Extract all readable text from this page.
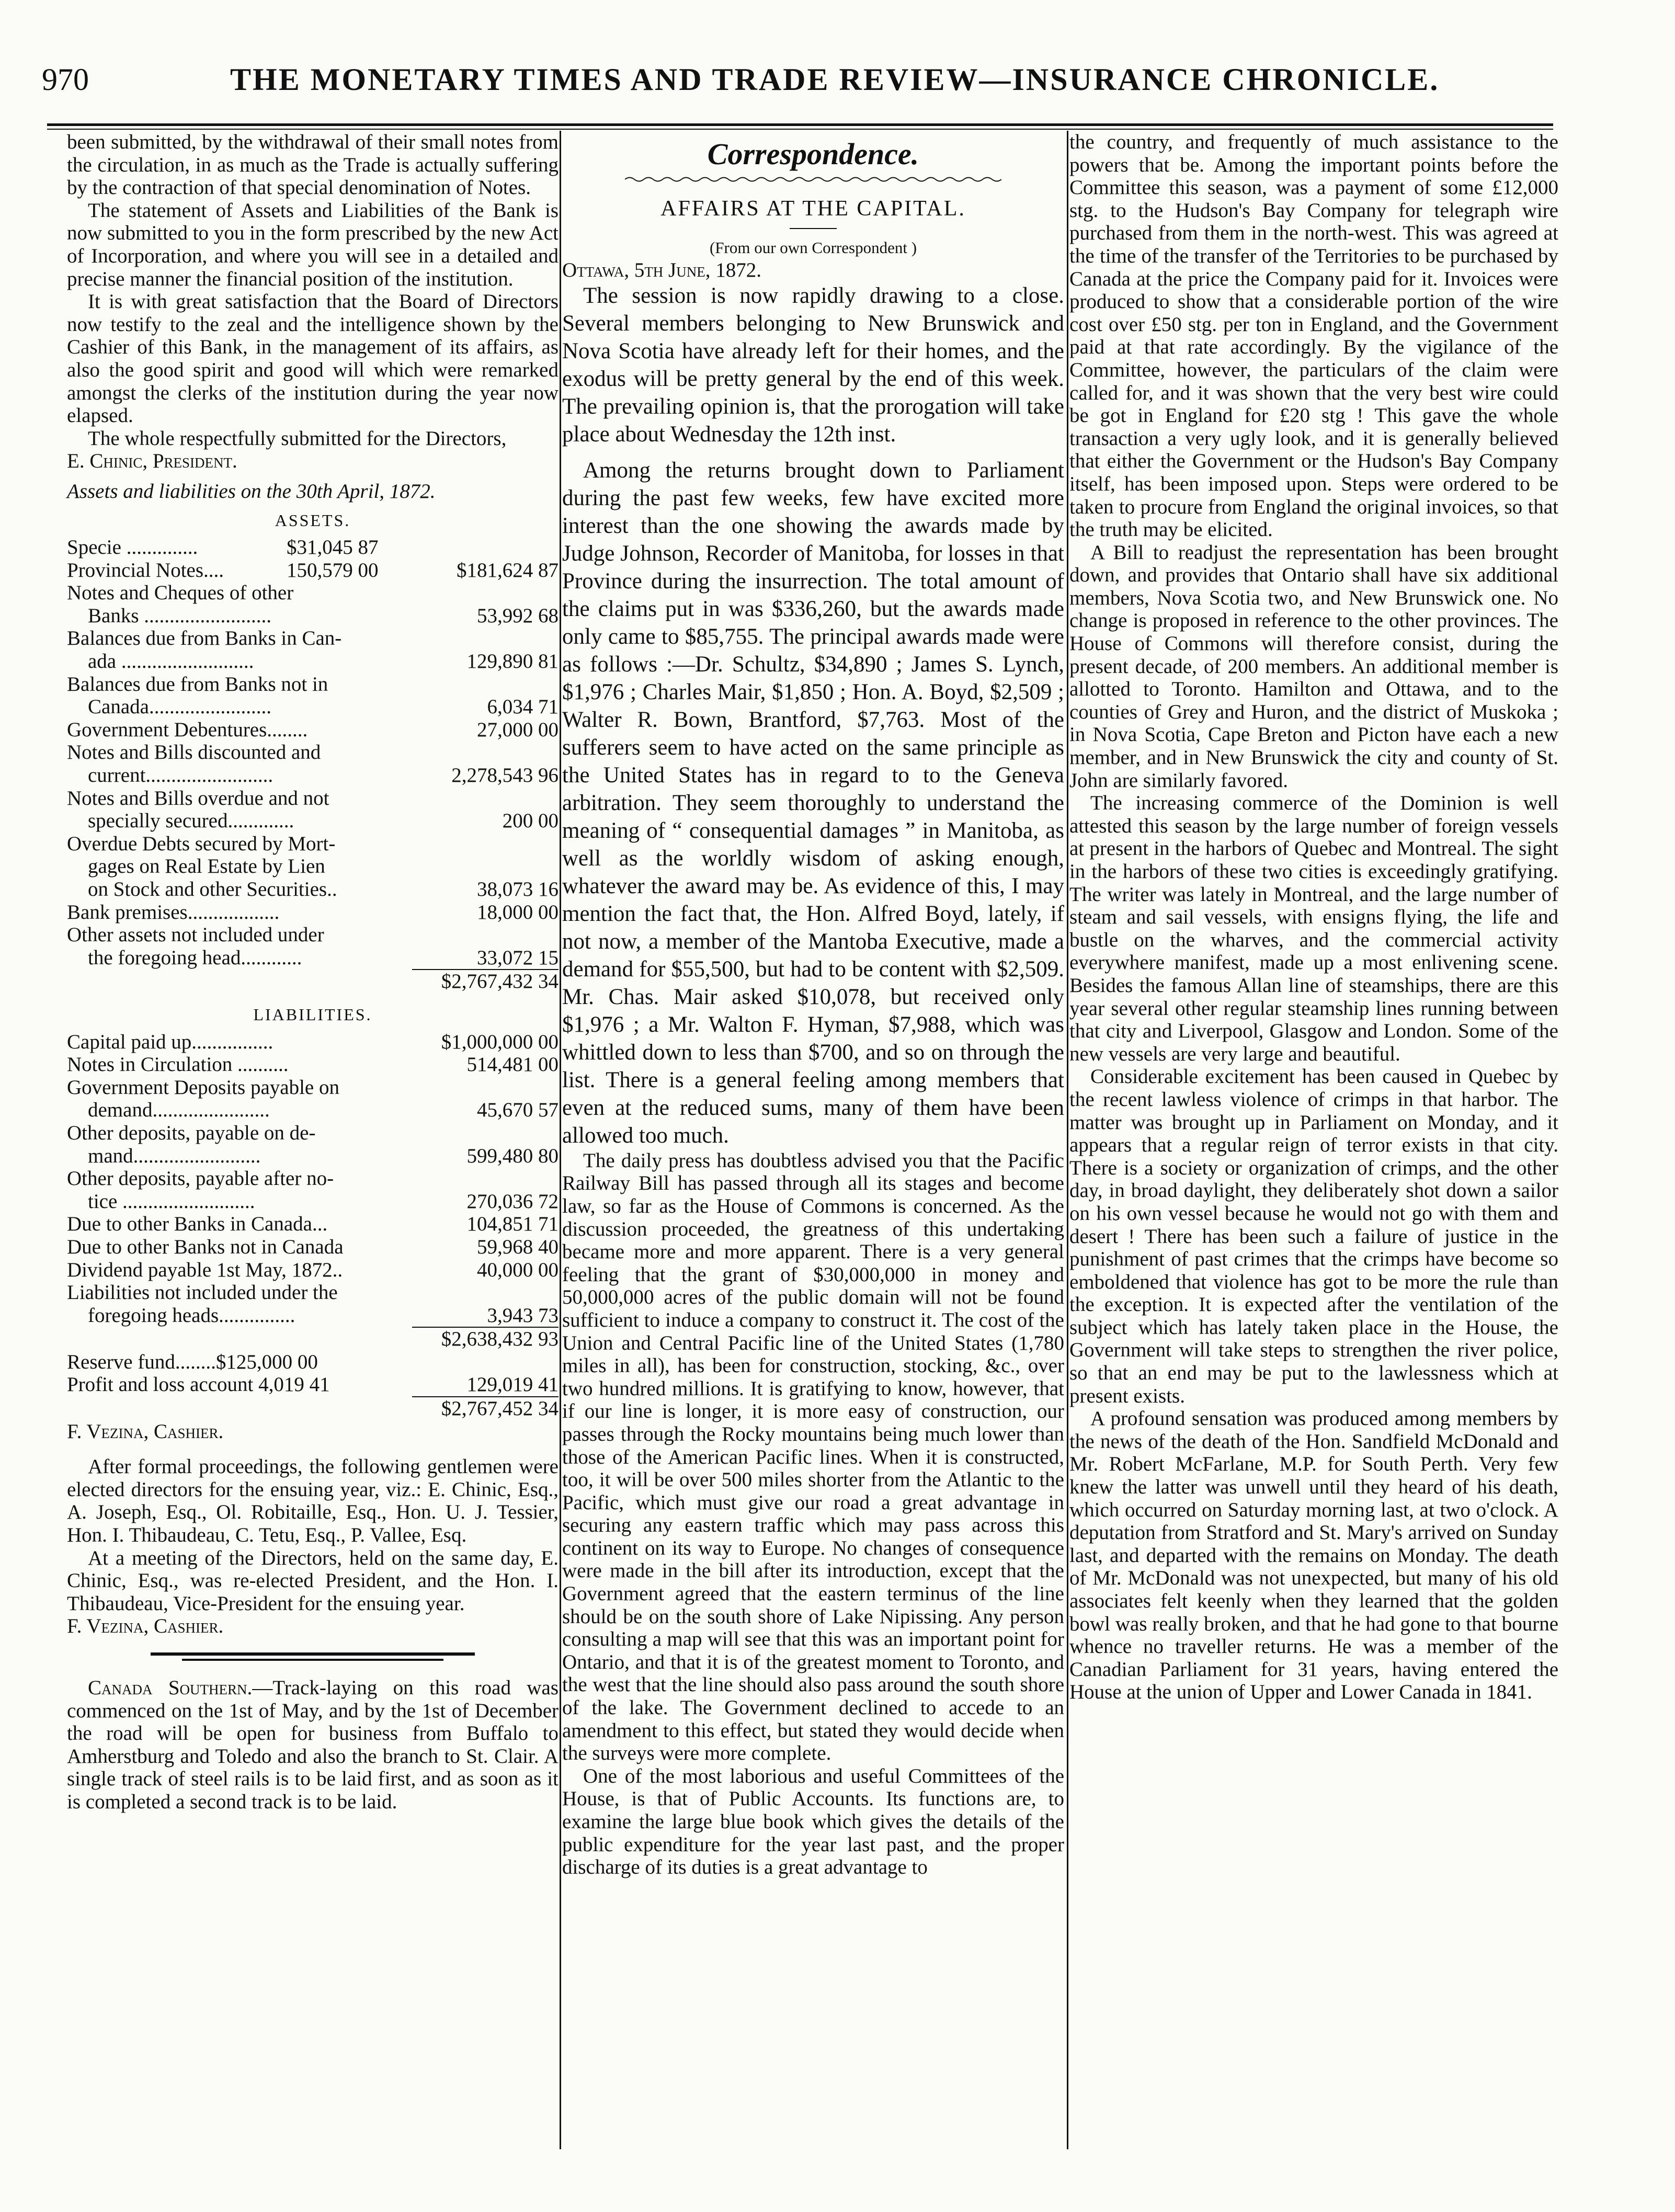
970	THE MONETARY TIMES AND TRADE REVIEW—INSURANCE CHRONICLE.

been submitted, by the withdrawal of their small notes from the circulation, in as much as the Trade is actually suffering by the contraction of that special denomination of Notes.

The statement of Assets and Liabilities of the Bank is now submitted to you in the form prescribed by the new Act of Incorporation, and where you will see in a detailed and precise manner the financial position of the institution.

It is with great satisfaction that the Board of Directors now testify to the zeal and the intelligence shown by the Cashier of this Bank, in the management of its affairs, as also the good spirit and good will which were remarked amongst the clerks of the institution during the year now elapsed.

The whole respectfully submitted for the Directors,

E. Chinic, President.

Assets and liabilities on the 30th April, 1872.

ASSETS.
Specie ..............	$31,045 87
Provincial Notes....	150,579 00	$181,624 87
Notes and Cheques of other
Banks .........................	53,992 68
Balances due from Banks in Can-
ada ..........................	129,890 81
Balances due from Banks not in
Canada........................	6,034 71
Government Debentures........	27,000 00
Notes and Bills discounted and
current.........................	2,278,543 96
Notes and Bills overdue and not
specially secured.............	200 00
Overdue Debts secured by Mort-
gages on Real Estate by Lien
on Stock and other Securities..	38,073 16
Bank premises..................	18,000 00
Other assets not included under
the foregoing head............	33,072 15
$2,767,432 34
LIABILITIES.
Capital paid up................	$1,000,000 00
Notes in Circulation ..........	514,481 00
Government Deposits payable on
demand.......................	45,670 57
Other deposits, payable on de-
mand.........................	599,480 80
Other deposits, payable after no-
tice ..........................	270,036 72
Due to other Banks in Canada...	104,851 71
Due to other Banks not in Canada	59,968 40
Dividend payable 1st May, 1872..	40,000 00
Liabilities not included under the
foregoing heads...............	3,943 73
$2,638,432 93
Reserve fund........$125,000 00
Profit and loss account 4,019 41	129,019 41
$2,767,452 34

F. Vezina, Cashier.

After formal proceedings, the following gentlemen were elected directors for the ensuing year, viz.: E. Chinic, Esq., A. Joseph, Esq., Ol. Robitaille, Esq., Hon. U. J. Tessier, Hon. I. Thibaudeau, C. Tetu, Esq., P. Vallee, Esq.

At a meeting of the Directors, held on the same day, E. Chinic, Esq., was re-elected President, and the Hon. I. Thibaudeau, Vice-President for the ensuing year.

F. Vezina, Cashier.

Canada Southern.—Track-laying on this road was commenced on the 1st of May, and by the 1st of December the road will be open for business from Buffalo to Amherstburg and Toledo and also the branch to St. Clair. A single track of steel rails is to be laid first, and as soon as it is completed a second track is to be laid.

Correspondence.
AFFAIRS AT THE CAPITAL.
(From our own Correspondent )

Ottawa, 5th June, 1872.

The session is now rapidly drawing to a close. Several members belonging to New Brunswick and Nova Scotia have already left for their homes, and the exodus will be pretty general by the end of this week. The prevailing opinion is, that the prorogation will take place about Wednesday the 12th inst.

Among the returns brought down to Parliament during the past few weeks, few have excited more interest than the one showing the awards made by Judge Johnson, Recorder of Manitoba, for losses in that Province during the insurrection. The total amount of the claims put in was $336,260, but the awards made only came to $85,755. The principal awards made were as follows :—Dr. Schultz, $34,890 ; James S. Lynch, $1,976 ; Charles Mair, $1,850 ; Hon. A. Boyd, $2,509 ; Walter R. Bown, Brantford, $7,763. Most of the sufferers seem to have acted on the same principle as the United States has in regard to to the Geneva arbitration. They seem thoroughly to understand the meaning of “ consequential damages ” in Manitoba, as well as the worldly wisdom of asking enough, whatever the award may be. As evidence of this, I may mention the fact that, the Hon. Alfred Boyd, lately, if not now, a member of the Mantoba Executive, made a demand for $55,500, but had to be content with $2,509. Mr. Chas. Mair asked $10,078, but received only $1,976 ; a Mr. Walton F. Hyman, $7,988, which was whittled down to less than $700, and so on through the list. There is a general feeling among members that even at the reduced sums, many of them have been allowed too much.

The daily press has doubtless advised you that the Pacific Railway Bill has passed through all its stages and become law, so far as the House of Commons is concerned. As the discussion proceeded, the greatness of this undertaking became more and more apparent. There is a very general feeling that the grant of $30,000,000 in money and 50,000,000 acres of the public domain will not be found sufficient to induce a company to construct it. The cost of the Union and Central Pacific line of the United States (1,780 miles in all), has been for construction, stocking, &c., over two hundred millions. It is gratifying to know, however, that if our line is longer, it is more easy of construction, our passes through the Rocky mountains being much lower than those of the American Pacific lines. When it is constructed, too, it will be over 500 miles shorter from the Atlantic to the Pacific, which must give our road a great advantage in securing any eastern traffic which may pass across this continent on its way to Europe. No changes of consequence were made in the bill after its introduction, except that the Government agreed that the eastern terminus of the line should be on the south shore of Lake Nipissing. Any person consulting a map will see that this was an important point for Ontario, and that it is of the greatest moment to Toronto, and the west that the line should also pass around the south shore of the lake. The Government declined to accede to an amendment to this effect, but stated they would decide when the surveys were more complete.

One of the most laborious and useful Committees of the House, is that of Public Accounts. Its functions are, to examine the large blue book which gives the details of the public expenditure for the year last past, and the proper discharge of its duties is a great advantage to

the country, and frequently of much assistance to the powers that be. Among the important points before the Committee this season, was a payment of some £12,000 stg. to the Hudson's Bay Company for telegraph wire purchased from them in the north-west. This was agreed at the time of the transfer of the Territories to be purchased by Canada at the price the Company paid for it. Invoices were produced to show that a considerable portion of the wire cost over £50 stg. per ton in England, and the Government paid at that rate accordingly. By the vigilance of the Committee, however, the particulars of the claim were called for, and it was shown that the very best wire could be got in England for £20 stg ! This gave the whole transaction a very ugly look, and it is generally believed that either the Government or the Hudson's Bay Company itself, has been imposed upon. Steps were ordered to be taken to procure from England the original invoices, so that the truth may be elicited.

A Bill to readjust the representation has been brought down, and provides that Ontario shall have six additional members, Nova Scotia two, and New Brunswick one. No change is proposed in reference to the other provinces. The House of Commons will therefore consist, during the present decade, of 200 members. An additional member is allotted to Toronto. Hamilton and Ottawa, and to the counties of Grey and Huron, and the district of Muskoka ; in Nova Scotia, Cape Breton and Picton have each a new member, and in New Brunswick the city and county of St. John are similarly favored.

The increasing commerce of the Dominion is well attested this season by the large number of foreign vessels at present in the harbors of Quebec and Montreal. The sight in the harbors of these two cities is exceedingly gratifying. The writer was lately in Montreal, and the large number of steam and sail vessels, with ensigns flying, the life and bustle on the wharves, and the commercial activity everywhere manifest, made up a most enlivening scene. Besides the famous Allan line of steamships, there are this year several other regular steamship lines running between that city and Liverpool, Glasgow and London. Some of the new vessels are very large and beautiful.

Considerable excitement has been caused in Quebec by the recent lawless violence of crimps in that harbor. The matter was brought up in Parliament on Monday, and it appears that a regular reign of terror exists in that city. There is a society or organization of crimps, and the other day, in broad daylight, they deliberately shot down a sailor on his own vessel because he would not go with them and desert ! There has been such a failure of justice in the punishment of past crimes that the crimps have become so emboldened that violence has got to be more the rule than the exception. It is expected after the ventilation of the subject which has lately taken place in the House, the Government will take steps to strengthen the river police, so that an end may be put to the lawlessness which at present exists.

A profound sensation was produced among members by the news of the death of the Hon. Sandfield McDonald and Mr. Robert McFarlane, M.P. for South Perth. Very few knew the latter was unwell until they heard of his death, which occurred on Saturday morning last, at two o'clock. A deputation from Stratford and St. Mary's arrived on Sunday last, and departed with the remains on Monday. The death of Mr. McDonald was not unexpected, but many of his old associates felt keenly when they learned that the golden bowl was really broken, and that he had gone to that bourne whence no traveller returns. He was a member of the Canadian Parliament for 31 years, having entered the House at the union of Upper and Lower Canada in 1841.
